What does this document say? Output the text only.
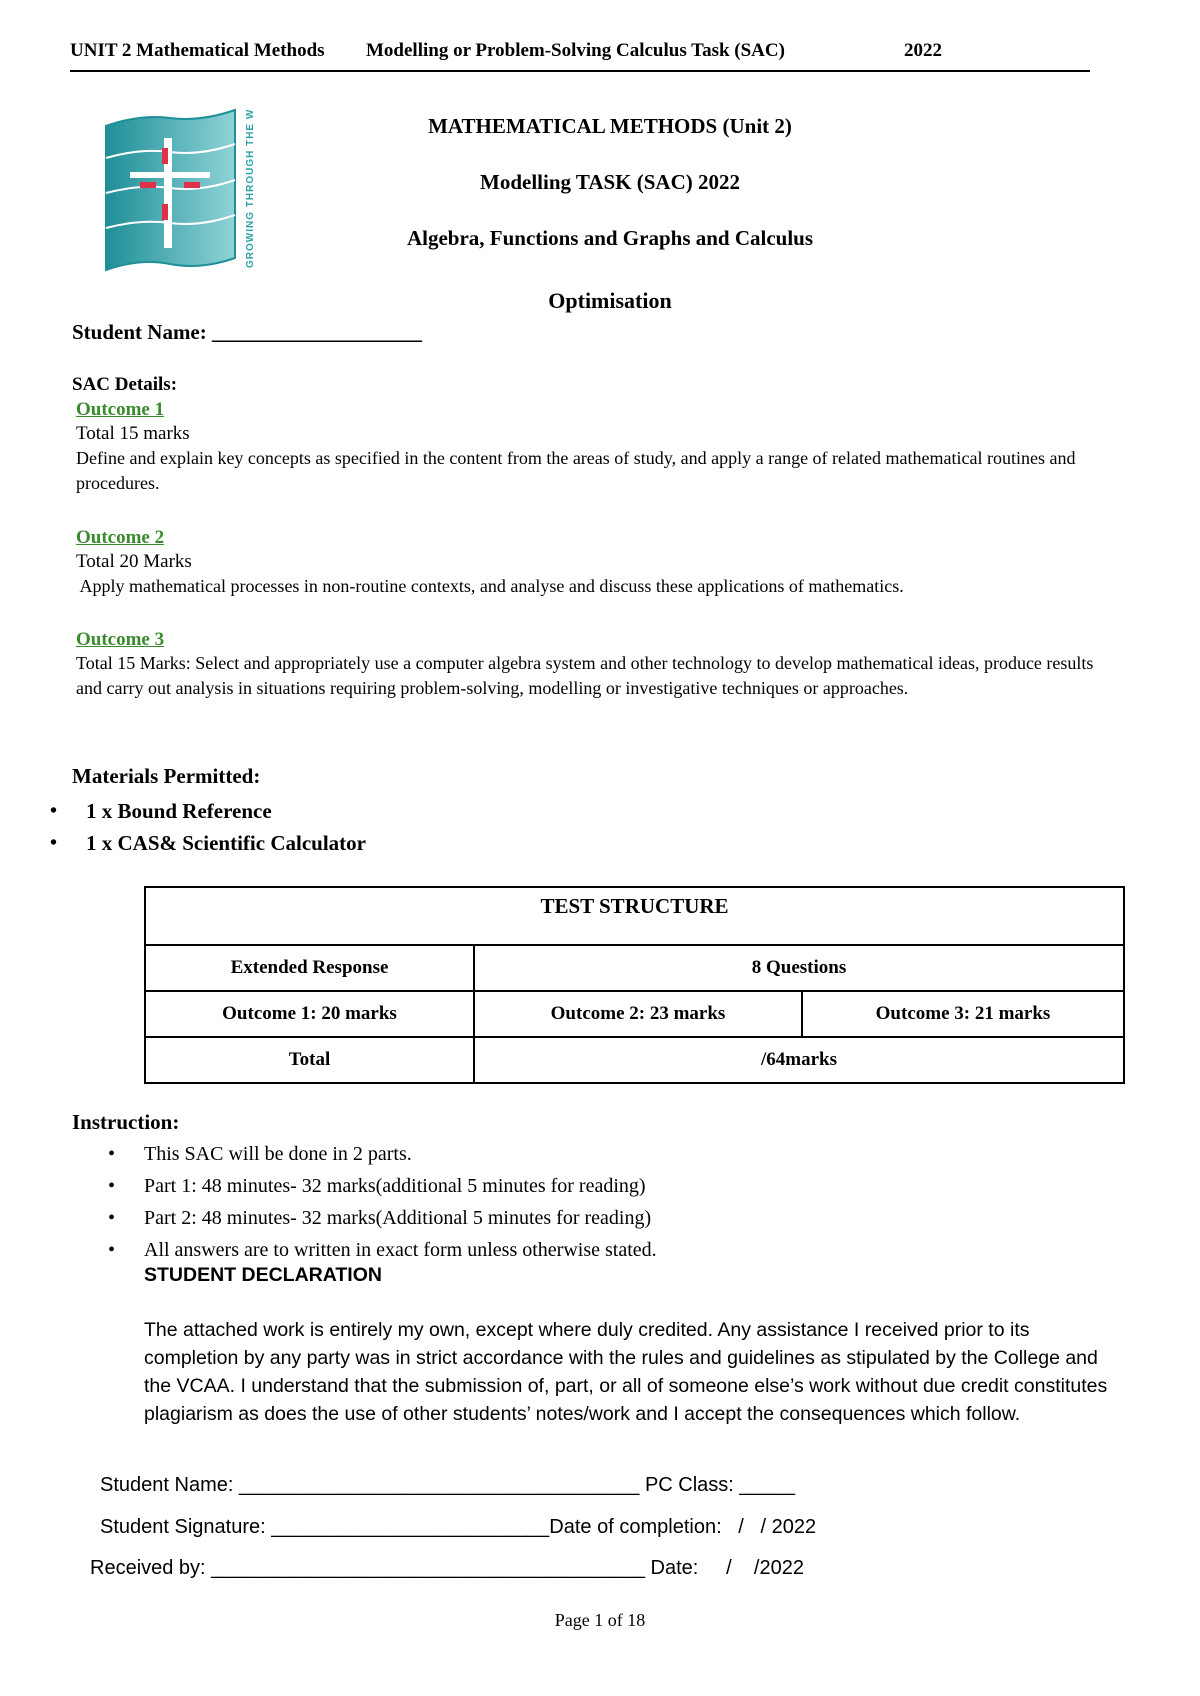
UNIT 2 Mathematical Methods Modelling or Problem-Solving Calculus Task (SAC)	2022
GROWING THROUGH THE WORD	MATHEMATICAL METHODS (Unit 2)
Modelling TASK (SAC) 2022
Algebra, Functions and Graphs and Calculus
Optimisation
Student Name: ____________________
SAC Details:
Outcome 1
Total 15 marks
Define and explain key concepts as specified in the content from the areas of study, and apply a range of related mathematical routines and procedures.
Outcome 2
Total 20 Marks
Apply mathematical processes in non-routine contexts, and analyse and discuss these applications of mathematics.
Outcome 3
Total 15 Marks: Select and appropriately use a computer algebra system and other technology to develop mathematical ideas, produce results and carry out analysis in situations requiring problem-solving, modelling or investigative techniques or approaches.
Materials Permitted:
• 1 x Bound Reference
• 1 x CAS& Scientific Calculator
TEST STRUCTURE		
Extended Response	8 Questions	
Outcome 1: 20 marks	Outcome 2: 23 marks	Outcome 3: 21 marks
Total	/64marks	
Instruction:
• This SAC will be done in 2 parts.
• Part 1: 48 minutes- 32 marks(additional 5 minutes for reading)
• Part 2: 48 minutes- 32 marks(Additional 5 minutes for reading)
• All answers are to written in exact form unless otherwise stated.
STUDENT DECLARATION
The attached work is entirely my own, except where duly credited. Any assistance I received prior to its completion by any party was in strict accordance with the rules and guidelines as stipulated by the College and the VCAA. I understand that the submission of, part, or all of someone else’s work without due credit constitutes plagiarism as does the use of other students’ notes/work and I accept the consequences which follow.
Student Name: ____________________________________ PC Class: _____
Student Signature: _________________________Date of completion:   /   / 2022
Received by: _______________________________________ Date:     /    /2022
Page 1 of 18
